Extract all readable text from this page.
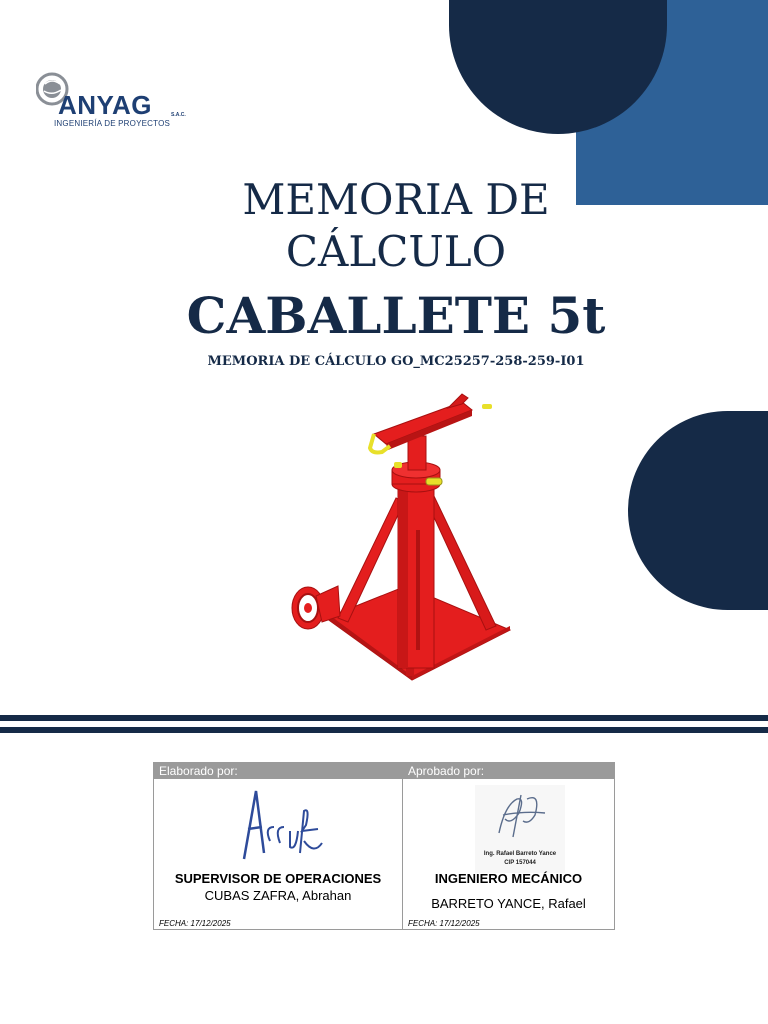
ANYAG	S.A.C.
INGENIERÍA DE PROYECTOS
MEMORIA DE
CÁLCULO
CABALLETE 5t
MEMORIA DE CÁLCULO GO_MC25257-258-259-I01
Elaborado por:
SUPERVISOR DE OPERACIONES
CUBAS ZAFRA, Abrahan
FECHA: 17/12/2025
Aprobado por:
Ing. Rafael Barreto Yance
CIP 157044
INGENIERO MECÁNICO
BARRETO YANCE, Rafael
FECHA: 17/12/2025
